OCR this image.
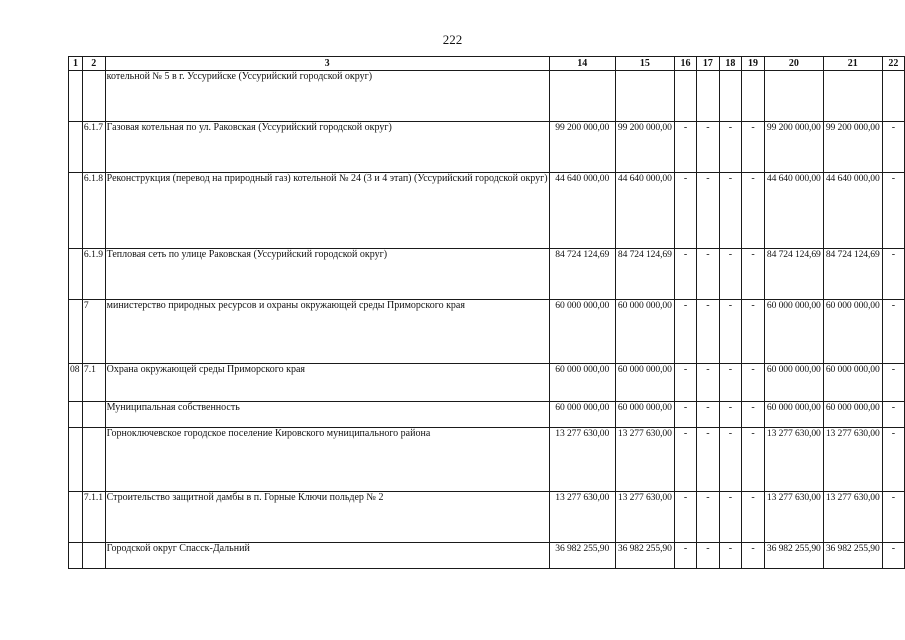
222
1	2	3	14	15	16	17	18	19	20	21	22
		котельной № 5 в г. Уссурийске (Уссурийский городской округ)									
	6.1.7	Газовая котельная по ул. Раковская (Уссурийский городской округ)	99 200 000,00	99 200 000,00	-	-	-	-	99 200 000,00	99 200 000,00	-
	6.1.8	Реконструкция (перевод на природный газ) котельной № 24 (3 и 4 этап) (Уссурийский городской округ)	44 640 000,00	44 640 000,00	-	-	-	-	44 640 000,00	44 640 000,00	-
	6.1.9	Тепловая сеть по улице Раковская (Уссурийский городской округ)	84 724 124,69	84 724 124,69	-	-	-	-	84 724 124,69	84 724 124,69	-
	7	министерство природных ресурсов и охраны окружающей среды Приморского края	60 000 000,00	60 000 000,00	-	-	-	-	60 000 000,00	60 000 000,00	-
08	7.1	Охрана окружающей среды Приморского края	60 000 000,00	60 000 000,00	-	-	-	-	60 000 000,00	60 000 000,00	-
		Муниципальная собственность	60 000 000,00	60 000 000,00	-	-	-	-	60 000 000,00	60 000 000,00	-
		Горноключевское городское поселение Кировского муниципального района	13 277 630,00	13 277 630,00	-	-	-	-	13 277 630,00	13 277 630,00	-
	7.1.1	Строительство защитной дамбы в п. Горные Ключи польдер № 2	13 277 630,00	13 277 630,00	-	-	-	-	13 277 630,00	13 277 630,00	-
		Городской округ Спасск-Дальний	36 982 255,90	36 982 255,90	-	-	-	-	36 982 255,90	36 982 255,90	-
